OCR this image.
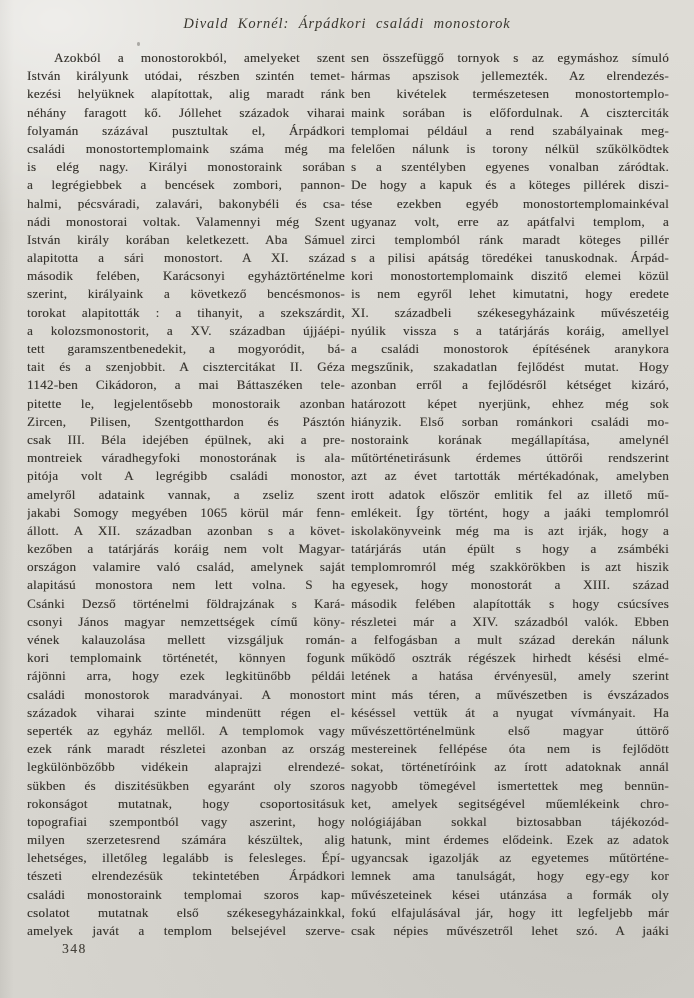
Divald Kornél: Árpádkori családi monostorok
Azokból a monostorokból, amelyeket szent
István királyunk utódai, részben szintén temet-
kezési helyüknek alapítottak, alig maradt ránk
néhány faragott kő. Jóllehet századok viharai
folyamán százával pusztultak el, Árpádkori
családi monostortemplomaink száma még ma
is elég nagy. Királyi monostoraink sorában
a legrégiebbek a bencések zombori, pannon-
halmi, pécsváradi, zalavári, bakonybéli és csa-
nádi monostorai voltak. Valamennyi még Szent
István király korában keletkezett. Aba Sámuel
alapitotta a sári monostort. A XI. század
második felében, Karácsonyi egyháztörténelme
szerint, királyaink a következő bencésmonos-
torokat alapitották : a tihanyit, a szekszárdit,
a kolozsmonostorit, a XV. században újjáépi-
tett garamszentbenedekit, a mogyoródit, bá-
tait és a szenjobbit. A cisztercitákat II. Géza
1142-ben Cikádoron, a mai Báttaszéken tele-
pitette le, legjelentősebb monostoraik azonban
Zircen, Pilisen, Szentgotthardon és Pásztón
csak III. Béla idejében épülnek, aki a pre-
montreiek váradhegyfoki monostorának is ala-
pitója volt A legrégibb családi monostor,
amelyről adataink vannak, a zseliz szent
jakabi Somogy megyében 1065 körül már fenn-
állott. A XII. században azonban s a követ-
kezőben a tatárjárás koráig nem volt Magyar-
országon valamire való család, amelynek saját
alapitású monostora nem lett volna. S ha
Csánki Dezső történelmi földrajzának s Kará-
csonyi János magyar nemzettségek című köny-
vének kalauzolása mellett vizsgáljuk román-
kori templomaink történetét, könnyen fogunk
rájönni arra, hogy ezek legkitünőbb példái
családi monostorok maradványai. A monostort
századok viharai szinte mindenütt régen el-
seperték az egyház mellől. A templomok vagy
ezek ránk maradt részletei azonban az ország
legkülönbözőbb vidékein alaprajzi elrendezé-
sükben és diszitésükben egyaránt oly szoros
rokonságot mutatnak, hogy csoportositásuk
topografiai szempontból vagy aszerint, hogy
milyen szerzetesrend számára készültek, alig
lehetséges, illetőleg legalább is felesleges. Épí-
tészeti elrendezésük tekintetében Árpádkori
családi monostoraink templomai szoros kap-
csolatot mutatnak első székesegyházainkkal,
amelyek javát a templom belsejével szerve-
sen összefüggő tornyok s az egymáshoz símuló
hármas apszisok jellemezték. Az elrendezés-
ben kivételek természetesen monostortemplo-
maink sorában is előfordulnak. A ciszterciták
templomai például a rend szabályainak meg-
felelően nálunk is torony nélkül szűkölködtek
s a szentélyben egyenes vonalban záródtak.
De hogy a kapuk és a köteges pillérek diszi-
tése ezekben egyéb monostortemplomainkéval
ugyanaz volt, erre az apátfalvi templom, a
zirci templomból ránk maradt köteges pillér
s a pilisi apátság töredékei tanuskodnak. Árpád-
kori monostortemplomaink diszitő elemei közül
is nem egyről lehet kimutatni, hogy eredete
XI. századbeli székesegyházaink művészetéig
nyúlik vissza s a tatárjárás koráig, amellyel
a családi monostorok építésének aranykora
megszűnik, szakadatlan fejlődést mutat. Hogy
azonban erről a fejlődésről kétséget kizáró,
határozott képet nyerjünk, ehhez még sok
hiányzik. Első sorban románkori családi mo-
nostoraink korának megállapítása, amelynél
műtörténetirásunk érdemes úttörői rendszerint
azt az évet tartották mértékadónak, amelyben
irott adatok először emlitik fel az illető mű-
emlékeit. Így történt, hogy a jaáki templomról
iskolakönyveink még ma is azt irják, hogy a
tatárjárás után épült s hogy a zsámbéki
templomromról még szakkörökben is azt hiszik
egyesek, hogy monostorát a XIII. század
második felében alapították s hogy csúcsíves
részletei már a XIV. századból valók. Ebben
a felfogásban a mult század derekán nálunk
működő osztrák régészek hirhedt késési elmé-
letének a hatása érvényesül, amely szerint
mint más téren, a művészetben is évszázados
késéssel vettük át a nyugat vívmányait. Ha
művészettörténelmünk első magyar úttörő
mestereinek fellépése óta nem is fejlődött
sokat, történetíróink az írott adatoknak annál
nagyobb tömegével ismertettek meg bennün-
ket, amelyek segitségével műemlékeink chro-
nológiájában sokkal biztosabban tájékozód-
hatunk, mint érdemes elődeink. Ezek az adatok
ugyancsak igazolják az egyetemes műtörténe-
lemnek ama tanulságát, hogy egy-egy kor
művészeteinek kései utánzása a formák oly
fokú elfajulásával jár, hogy itt legfeljebb már
csak népies művészetről lehet szó. A jaáki
348
